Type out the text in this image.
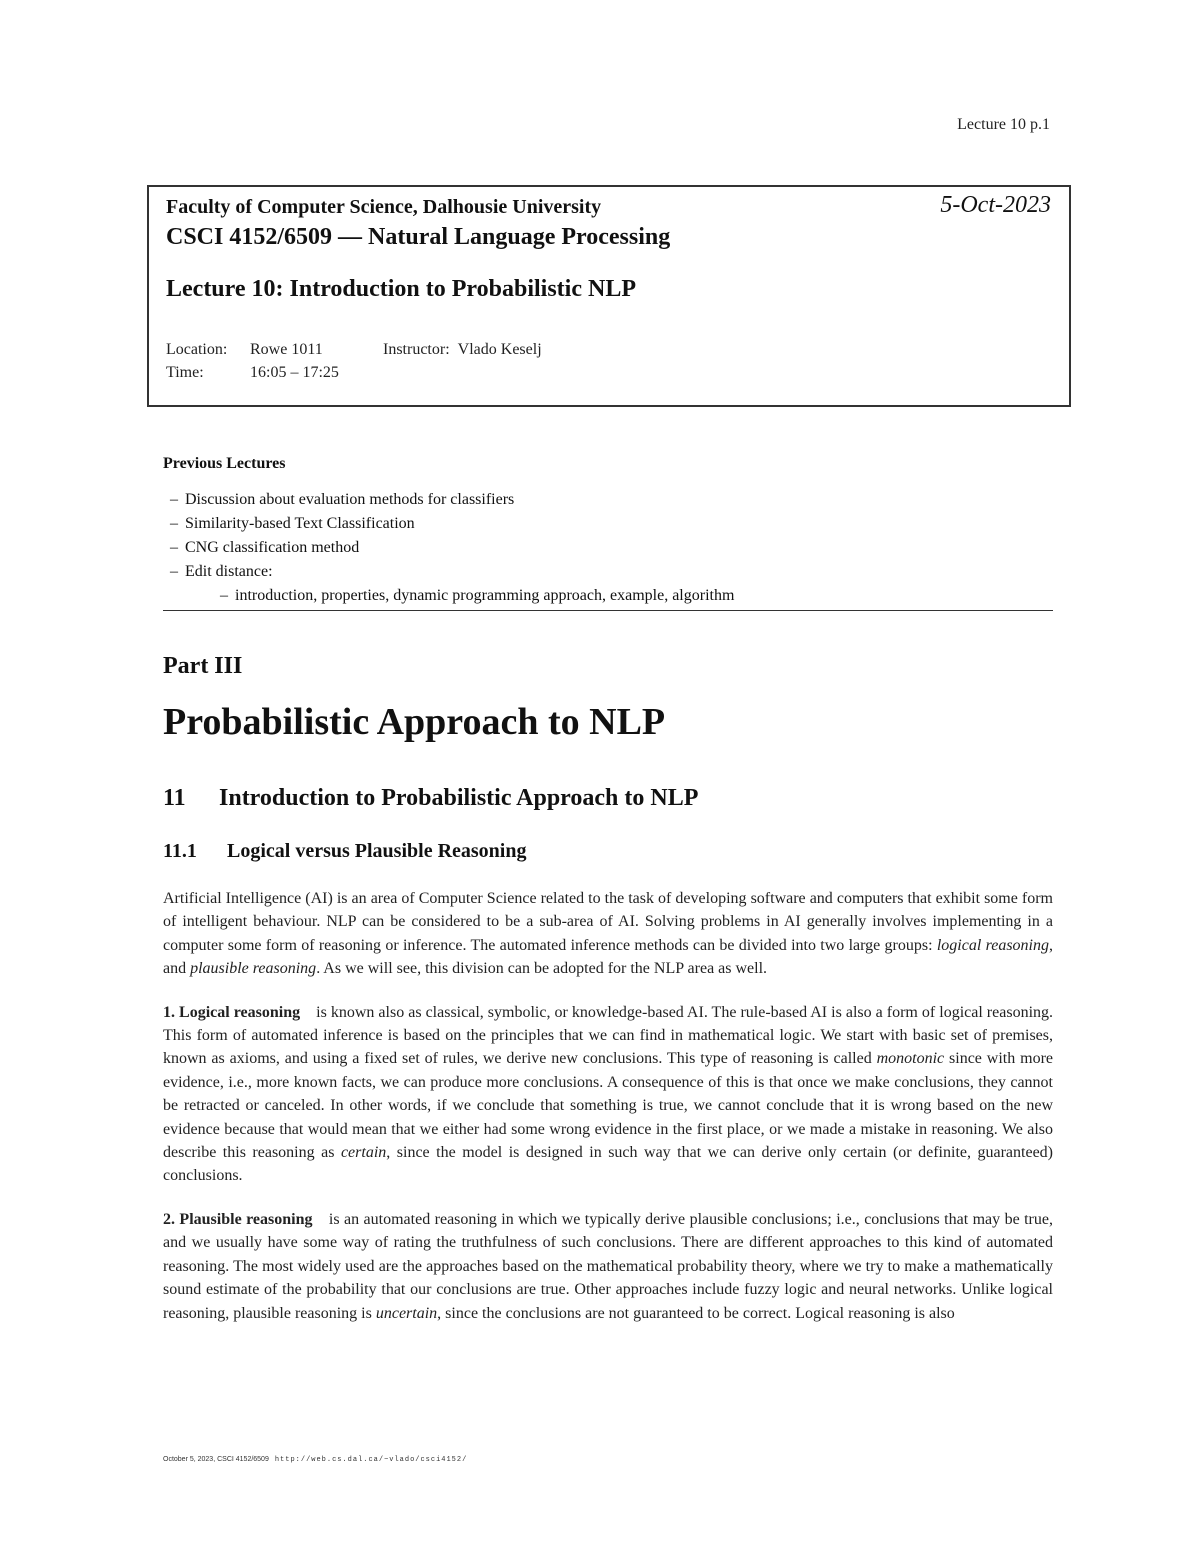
Lecture 10 p.1
Faculty of Computer Science, Dalhousie University	5-Oct-2023
CSCI 4152/6509 — Natural Language Processing
Lecture 10: Introduction to Probabilistic NLP
Location: Rowe 1011	Instructor: Vlado Keselj
Time:	16:05 – 17:25
Previous Lectures
– Discussion about evaluation methods for classifiers
– Similarity-based Text Classification
– CNG classification method
– Edit distance:
– introduction, properties, dynamic programming approach, example, algorithm
Part III
Probabilistic Approach to NLP
11 Introduction to Probabilistic Approach to NLP
11.1 Logical versus Plausible Reasoning

Artificial Intelligence (AI) is an area of Computer Science related to the task of developing software and computers that exhibit some form of intelligent behaviour. NLP can be considered to be a sub-area of AI. Solving problems in AI generally involves implementing in a computer some form of reasoning or inference. The automated inference methods can be divided into two large groups: logical reasoning, and plausible reasoning. As we will see, this division can be adopted for the NLP area as well.

1. Logical reasoning is known also as classical, symbolic, or knowledge-based AI. The rule-based AI is also a form of logical reasoning. This form of automated inference is based on the principles that we can find in mathematical logic. We start with basic set of premises, known as axioms, and using a fixed set of rules, we derive new conclusions. This type of reasoning is called monotonic since with more evidence, i.e., more known facts, we can produce more conclusions. A consequence of this is that once we make conclusions, they cannot be retracted or canceled. In other words, if we conclude that something is true, we cannot conclude that it is wrong based on the new evidence because that would mean that we either had some wrong evidence in the first place, or we made a mistake in reasoning. We also describe this reasoning as certain, since the model is designed in such way that we can derive only certain (or definite, guaranteed) conclusions.

2. Plausible reasoning is an automated reasoning in which we typically derive plausible conclusions; i.e., conclusions that may be true, and we usually have some way of rating the truthfulness of such conclusions. There are different approaches to this kind of automated reasoning. The most widely used are the approaches based on the mathematical probability theory, where we try to make a mathematically sound estimate of the probability that our conclusions are true. Other approaches include fuzzy logic and neural networks. Unlike logical reasoning, plausible reasoning is uncertain, since the conclusions are not guaranteed to be correct. Logical reasoning is also

October 5, 2023, CSCI 4152/6509 http://web.cs.dal.ca/~vlado/csci4152/
